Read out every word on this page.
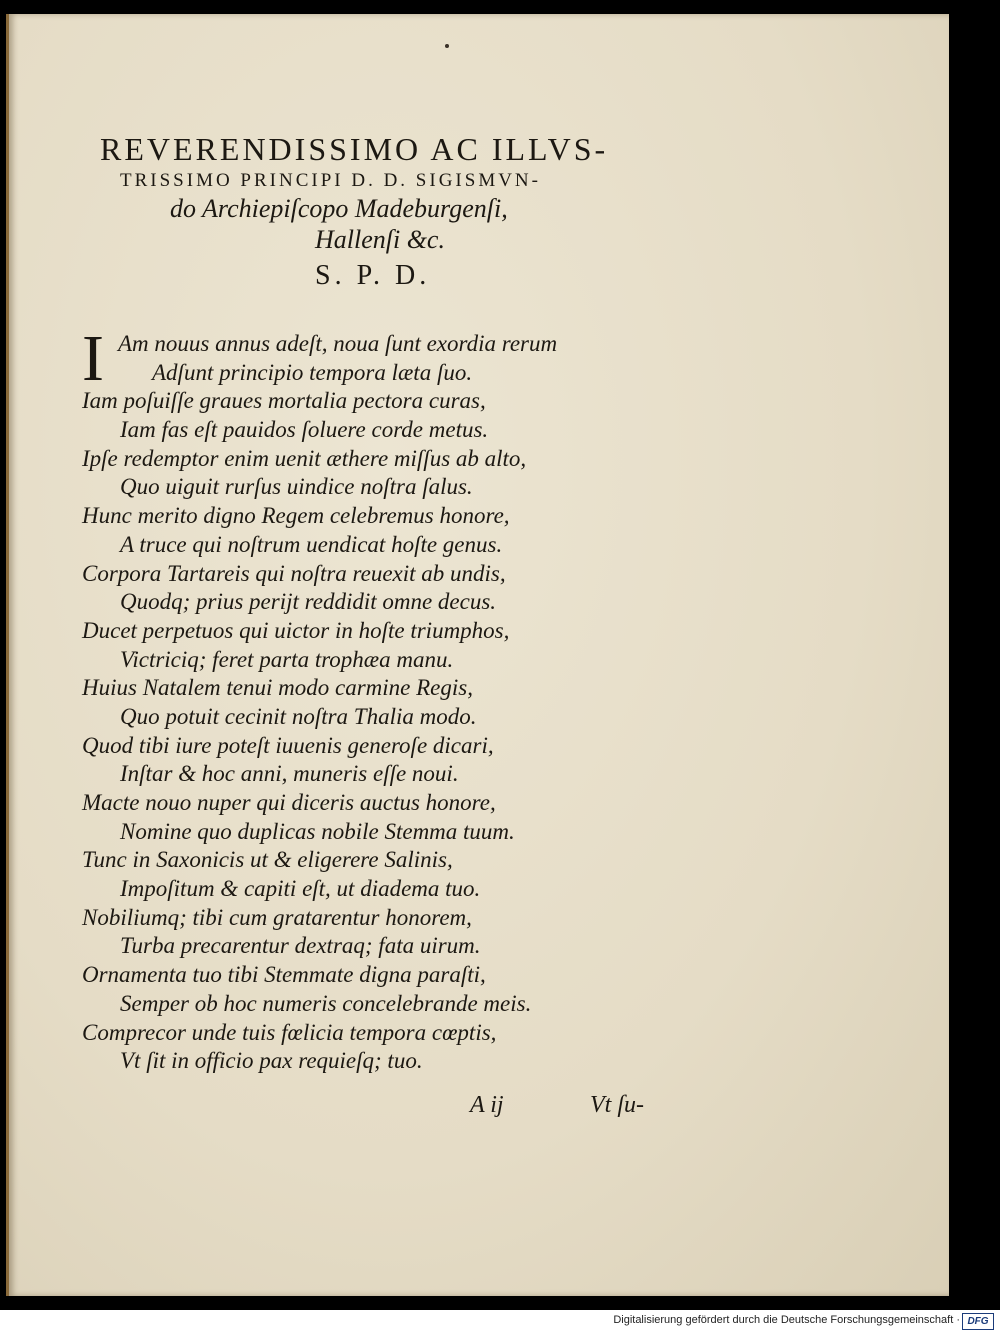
REVERENDISSIMO AC ILLVS-
TRISSIMO PRINCIPI D. D. SIGISMVN-
do Archiepiſcopo Madeburgenſi,
Hallenſi &c.
S. P. D.
I Am nouus annus adeſt, noua ſunt exordia rerum
Adſunt principio tempora læta ſuo.
Iam poſuiſſe graues mortalia pectora curas,
Iam fas eſt pauidos ſoluere corde metus.
Ipſe redemptor enim uenit æthere miſſus ab alto,
Quo uiguit rurſus uindice noſtra ſalus.
Hunc merito digno Regem celebremus honore,
A truce qui noſtrum uendicat hoſte genus.
Corpora Tartareis qui noſtra reuexit ab undis,
Quodq; prius perijt reddidit omne decus.
Ducet perpetuos qui uictor in hoſte triumphos,
Victriciq; feret parta trophæa manu.
Huius Natalem tenui modo carmine Regis,
Quo potuit cecinit noſtra Thalia modo.
Quod tibi iure poteſt iuuenis generoſe dicari,
Inſtar & hoc anni, muneris eſſe noui.
Macte nouo nuper qui diceris auctus honore,
Nomine quo duplicas nobile Stemma tuum.
Tunc in Saxonicis ut & eligerere Salinis,
Impoſitum & capiti eſt, ut diadema tuo.
Nobiliumq; tibi cum gratarentur honorem,
Turba precarentur dextraq; fata uirum.
Ornamenta tuo tibi Stemmate digna paraſti,
Semper ob hoc numeris concelebrande meis.
Comprecor unde tuis fœlicia tempora cœptis,
Vt ſit in officio pax requieſq; tuo.
A ij	Vt ſu-
Digitalisierung gefördert durch die Deutsche Forschungsgemeinschaft · DFG
